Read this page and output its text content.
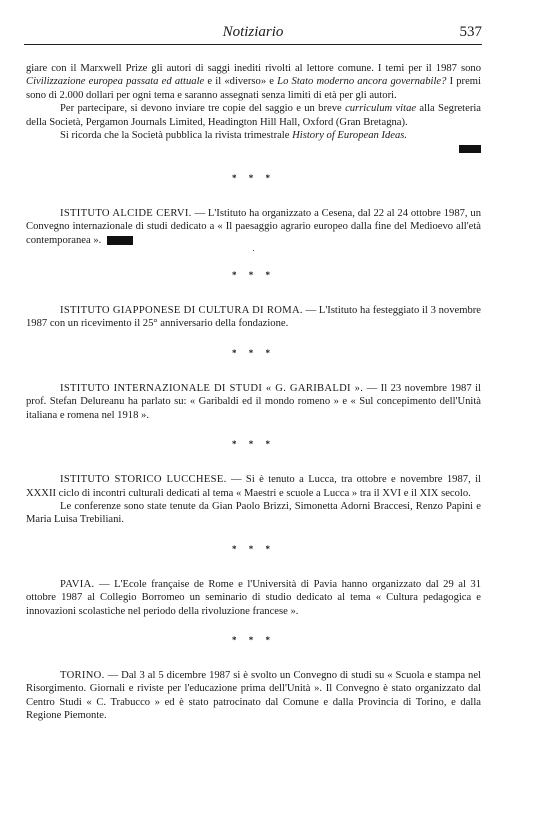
Notiziario	537

giare con il Marxwell Prize gli autori di saggi inediti rivolti al lettore comune. I temi per il 1987 sono Civilizzazione europea passata ed attuale e il «diverso» e Lo Stato moderno ancora governabile? I premi sono di 2.000 dollari per ogni tema e saranno assegnati senza limiti di età per gli autori.

Per partecipare, si devono inviare tre copie del saggio e un breve curriculum vitae alla Segreteria della Società, Pergamon Journals Limited, Headington Hill Hall, Oxford (Gran Bretagna).

Si ricorda che la Società pubblica la rivista trimestrale History of European Ideas.

* * *

ISTITUTO ALCIDE CERVI. — L'Istituto ha organizzato a Cesena, dal 22 al 24 ottobre 1987, un Convegno internazionale di studi dedicato a « Il paesaggio agrario europeo dalla fine del Medioevo all'età contemporanea ».

.
* * *

ISTITUTO GIAPPONESE DI CULTURA DI ROMA. — L'Istituto ha festeggiato il 3 novembre 1987 con un ricevimento il 25° anniversario della fondazione.

* * *

ISTITUTO INTERNAZIONALE DI STUDI « G. GARIBALDI ». — Il 23 novembre 1987 il prof. Stefan Delureanu ha parlato su: « Garibaldi ed il mondo romeno » e « Sul concepimento dell'Unità italiana e romena nel 1918 ».

* * *

ISTITUTO STORICO LUCCHESE. — Si è tenuto a Lucca, tra ottobre e novembre 1987, il XXXII ciclo di incontri culturali dedicati al tema « Maestri e scuole a Lucca » tra il XVI e il XIX secolo.

Le conferenze sono state tenute da Gian Paolo Brizzi, Simonetta Adorni Braccesi, Renzo Papini e Maria Luisa Trebiliani.

* * *

PAVIA. — L'Ecole française de Rome e l'Università di Pavia hanno organizzato dal 29 al 31 ottobre 1987 al Collegio Borromeo un seminario di studio dedicato al tema « Cultura pedagogica e innovazioni scolastiche nel periodo della rivoluzione francese ».

* * *

TORINO. — Dal 3 al 5 dicembre 1987 si è svolto un Convegno di studi su « Scuola e stampa nel Risorgimento. Giornali e riviste per l'educazione prima dell'Unità ». Il Convegno è stato organizzato dal Centro Studi « C. Trabucco » ed è stato patrocinato dal Comune e dalla Provincia di Torino, e dalla Regione Piemonte.
